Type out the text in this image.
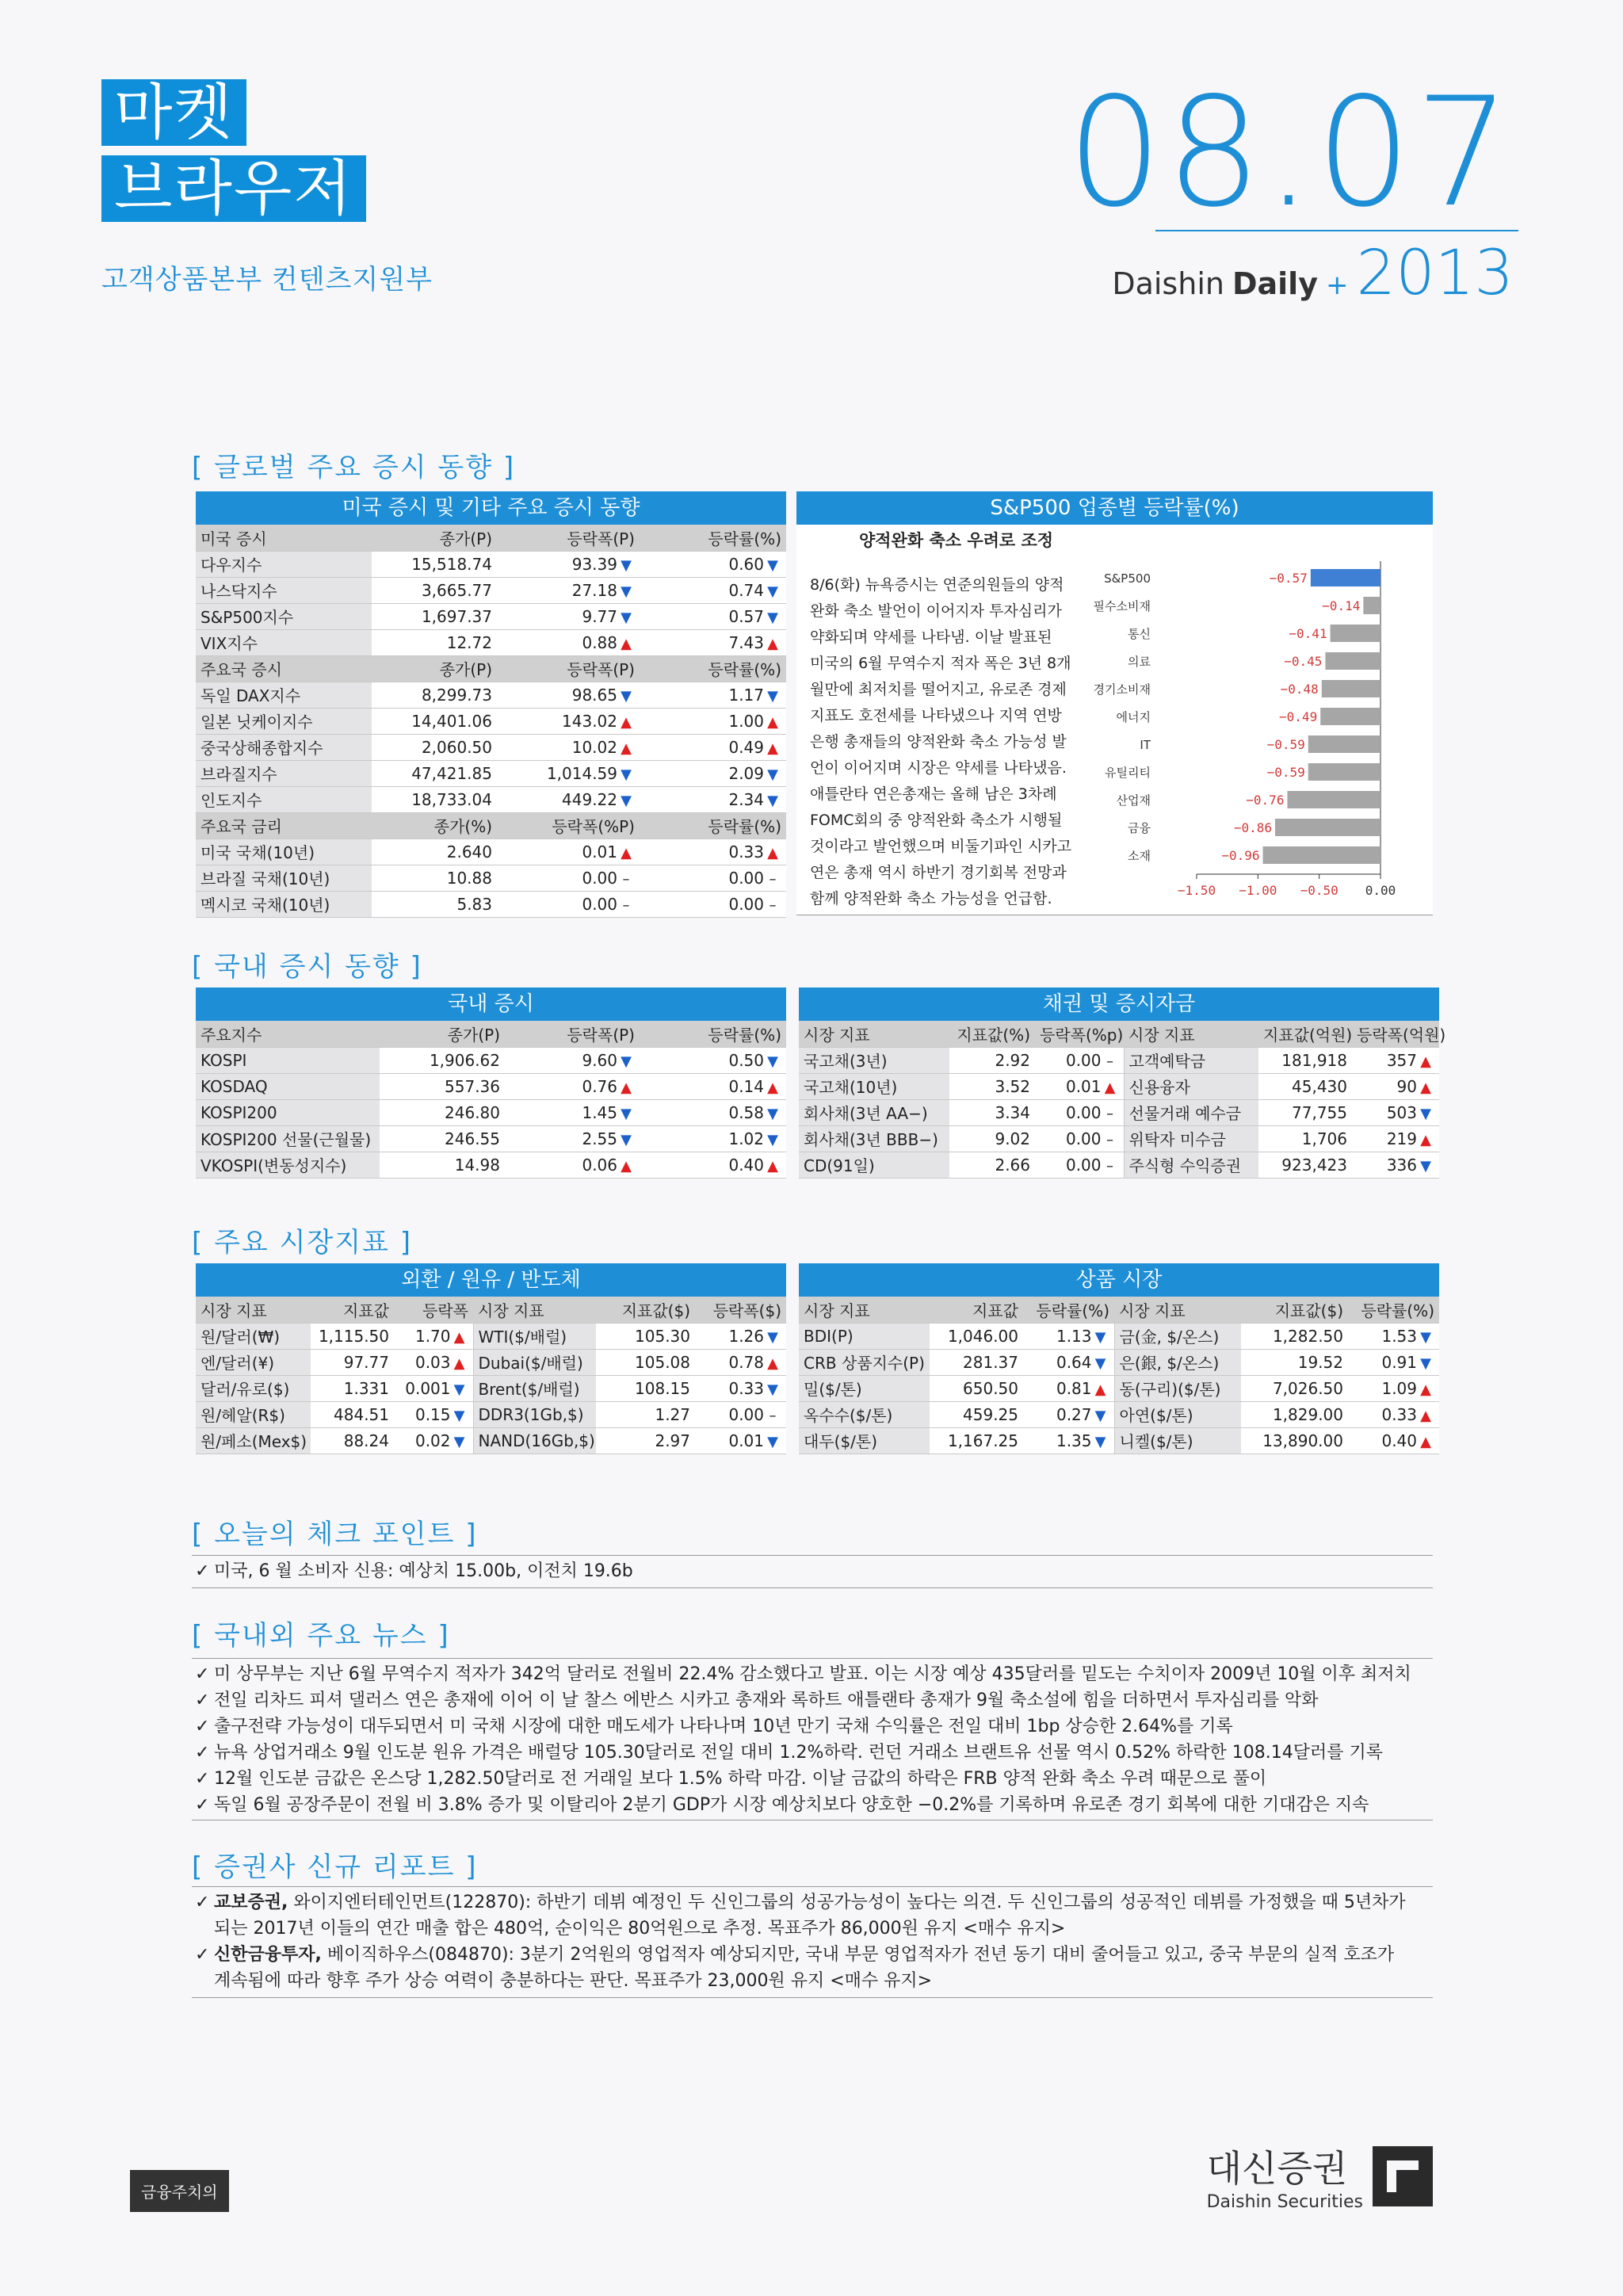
마켓
브라우저
고객상품본부 컨텐츠지원부
08.07
Daishin Daily + 2013
[ 글로벌 주요 증시 동향 ]
미국 증시 및 기타 주요 증시 동향
미국 증시	종가(P)	등락폭(P)	등락률(%)
다우지수	15,518.74	93.39 ▼	0.60 ▼
나스닥지수	3,665.77	27.18 ▼	0.74 ▼
S&P500지수	1,697.37	9.77 ▼	0.57 ▼
VIX지수	12.72	0.88 ▲	7.43 ▲
주요국 증시	종가(P)	등락폭(P)	등락률(%)
독일 DAX지수	8,299.73	98.65 ▼	1.17 ▼
일본 닛케이지수	14,401.06	143.02 ▲	1.00 ▲
중국상해종합지수	2,060.50	10.02 ▲	0.49 ▲
브라질지수	47,421.85	1,014.59 ▼	2.09 ▼
인도지수	18,733.04	449.22 ▼	2.34 ▼
주요국 금리	종가(%)	등락폭(%P)	등락률(%)
미국 국채(10년)	2.640	0.01 ▲	0.33 ▲
브라질 국채(10년)	10.88	0.00 –	0.00 –
멕시코 국채(10년)	5.83	0.00 –	0.00 –
S&P500 업종별 등락률(%)
양적완화 축소 우려로 조정
8/6(화) 뉴욕증시는 연준의원들의 양적
완화 축소 발언이 이어지자 투자심리가
약화되며 약세를 나타냄. 이날 발표된
미국의 6월 무역수지 적자 폭은 3년 8개
월만에 최저치를 떨어지고, 유로존 경제
지표도 호전세를 나타냈으나 지역 연방
은행 총재들의 양적완화 축소 가능성 발
언이 이어지며 시장은 약세를 나타냈음.
애틀란타 연은총재는 올해 남은 3차례
FOMC회의 중 양적완화 축소가 시행될
것이라고 발언했으며 비둘기파인 시카고
연은 총재 역시 하반기 경기회복 전망과
함께 양적완화 축소 가능성을 언급함.
S&P500	−0.57
필수소비재	−0.14
통신	−0.41
의료	−0.45
경기소비재	−0.48
에너지	−0.49
IT	−0.59
유틸리티	−0.59
산업재	−0.76
금융	−0.86
소재	−0.96
−1.50 −1.00 −0.50 0.00
[ 국내 증시 동향 ]
국내 증시
주요지수	종가(P)	등락폭(P)	등락률(%)
KOSPI	1,906.62	9.60 ▼	0.50 ▼
KOSDAQ	557.36	0.76 ▲	0.14 ▲
KOSPI200	246.80	1.45 ▼	0.58 ▼
KOSPI200 선물(근월물)	246.55	2.55 ▼	1.02 ▼
VKOSPI(변동성지수)	14.98	0.06 ▲	0.40 ▲
채권 및 증시자금
시장 지표	지표값(%)	등락폭(%p)	시장 지표	지표값(억원)	등락폭(억원)
국고채(3년)	2.92	0.00 –	고객예탁금	181,918	357 ▲
국고채(10년)	3.52	0.01 ▲	신용융자	45,430	90 ▲
회사채(3년 AA−)	3.34	0.00 –	선물거래 예수금	77,755	503 ▼
회사채(3년 BBB−)	9.02	0.00 –	위탁자 미수금	1,706	219 ▲
CD(91일)	2.66	0.00 –	주식형 수익증권	923,423	336 ▼
[ 주요 시장지표 ]
외환 / 원유 / 반도체
시장 지표	지표값	등락폭	시장 지표	지표값($)	등락폭($)
원/달러(₩)	1,115.50	1.70 ▲	WTI($/배럴)	105.30	1.26 ▼
엔/달러(¥)	97.77	0.03 ▲	Dubai($/배럴)	105.08	0.78 ▲
달러/유로($)	1.331	0.001 ▼	Brent($/배럴)	108.15	0.33 ▼
원/헤알(R$)	484.51	0.15 ▼	DDR3(1Gb,$)	1.27	0.00 –
원/페소(Mex$)	88.24	0.02 ▼	NAND(16Gb,$)	2.97	0.01 ▼
상품 시장
시장 지표	지표값	등락률(%)	시장 지표	지표값($)	등락률(%)
BDI(P)	1,046.00	1.13 ▼	금(金, $/온스)	1,282.50	1.53 ▼
CRB 상품지수(P)	281.37	0.64 ▼	은(銀, $/온스)	19.52	0.91 ▼
밀($/톤)	650.50	0.81 ▲	동(구리)($/톤)	7,026.50	1.09 ▲
옥수수($/톤)	459.25	0.27 ▼	아연($/톤)	1,829.00	0.33 ▲
대두($/톤)	1,167.25	1.35 ▼	니켈($/톤)	13,890.00	0.40 ▲
[ 오늘의 체크 포인트 ]
✓ 미국, 6 월 소비자 신용: 예상치 15.00b, 이전치 19.6b
[ 국내외 주요 뉴스 ]
✓ 미 상무부는 지난 6월 무역수지 적자가 342억 달러로 전월비 22.4% 감소했다고 발표. 이는 시장 예상 435달러를 밑도는 수치이자 2009년 10월 이후 최저치
✓ 전일 리차드 피셔 댈러스 연은 총재에 이어 이 날 찰스 에반스 시카고 총재와 록하트 애틀랜타 총재가 9월 축소설에 힘을 더하면서 투자심리를 악화
✓ 출구전략 가능성이 대두되면서 미 국채 시장에 대한 매도세가 나타나며 10년 만기 국채 수익률은 전일 대비 1bp 상승한 2.64%를 기록
✓ 뉴욕 상업거래소 9월 인도분 원유 가격은 배럴당 105.30달러로 전일 대비 1.2%하락. 런던 거래소 브랜트유 선물 역시 0.52% 하락한 108.14달러를 기록
✓ 12월 인도분 금값은 온스당 1,282.50달러로 전 거래일 보다 1.5% 하락 마감. 이날 금값의 하락은 FRB 양적 완화 축소 우려 때문으로 풀이
✓ 독일 6월 공장주문이 전월 비 3.8% 증가 및 이탈리아 2분기 GDP가 시장 예상치보다 양호한 −0.2%를 기록하며 유로존 경기 회복에 대한 기대감은 지속
[ 증권사 신규 리포트 ]
✓ 교보증권, 와이지엔터테인먼트(122870): 하반기 데뷔 예정인 두 신인그룹의 성공가능성이 높다는 의견. 두 신인그룹의 성공적인 데뷔를 가정했을 때 5년차가
되는 2017년 이들의 연간 매출 합은 480억, 순이익은 80억원으로 추정. 목표주가 86,000원 유지 <매수 유지>
✓ 신한금융투자, 베이직하우스(084870): 3분기 2억원의 영업적자 예상되지만, 국내 부문 영업적자가 전년 동기 대비 줄어들고 있고, 중국 부문의 실적 호조가
계속됨에 따라 향후 주가 상승 여력이 충분하다는 판단. 목표주가 23,000원 유지 <매수 유지>
금융주치의
대신증권
Daishin Securities
